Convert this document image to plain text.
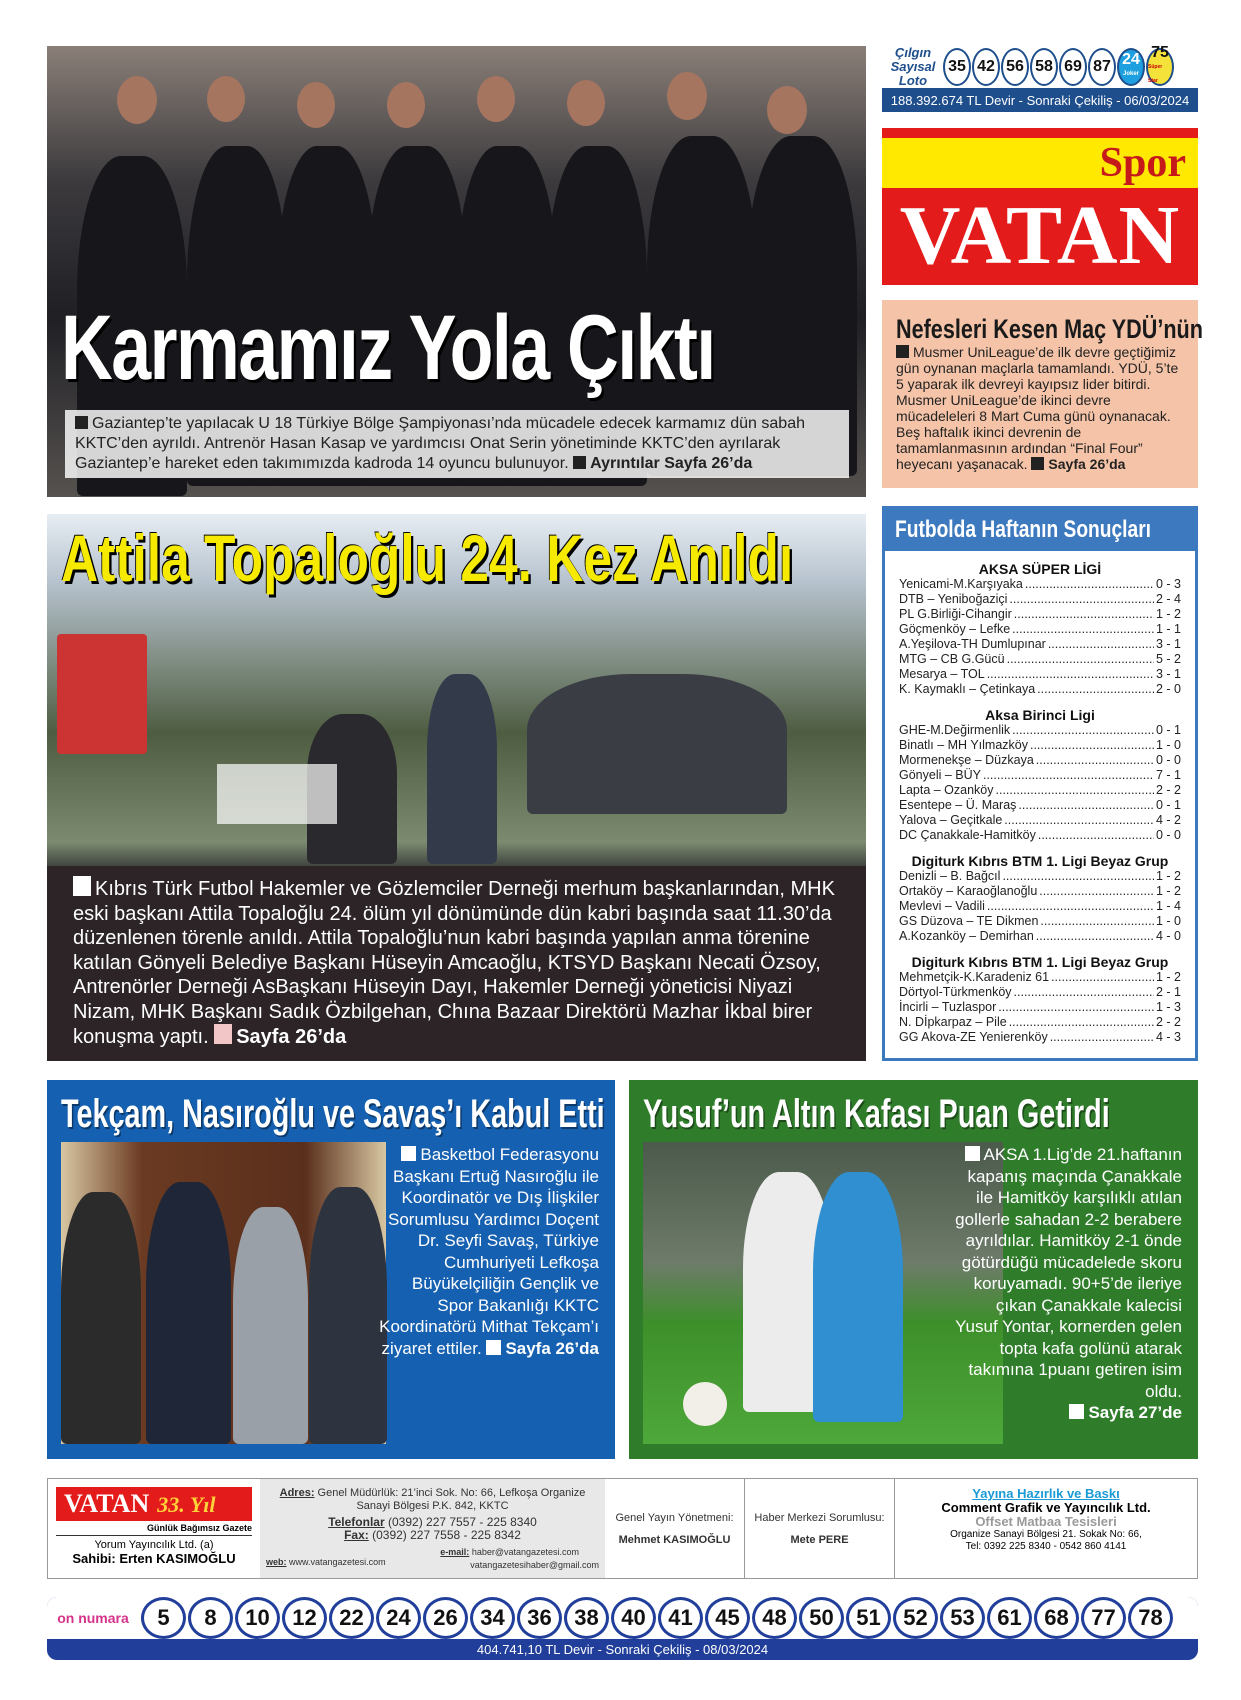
Karmamız Yola Çıktı
Gaziantep’te yapılacak U 18 Türkiye Bölge Şampiyonası’nda mücadele edecek karmamız dün sabah KKTC’den ayrıldı. Antrenör Hasan Kasap ve yardımcısı Onat Serin yönetiminde KKTC’den ayrılarak Gaziantep’e hareket eden takımımızda kadroda 14 oyuncu bulunuyor. Ayrıntılar Sayfa 26’da
Çılgın Sayısal Loto
35 42 56 58 69 87 24
Joker
75
Süper Star
188.392.674 TL Devir - Sonraki Çekiliş - 06/03/2024
Spor
VATAN
Nefesleri Kesen Maç YDÜ’nün
Musmer UniLeague’de ilk devre geçtiğimiz gün oynanan maçlarla tamamlandı. YDÜ, 5’te 5 yaparak ilk devreyi kayıpsız lider bitirdi. Musmer UniLeague’de ikinci devre mücadeleleri 8 Mart Cuma günü oynanacak. Beş haftalık ikinci devrenin de tamamlanmasının ardından “Final Four” heyecanı yaşanacak. Sayfa 26’da
Futbolda Haftanın Sonuçları
AKSA SÜPER LİGİ
Yenicami-M.Karşıyaka .....	0 - 3
DTB – Yeniboğaziçi .....	2 - 4
PL G.Birliği-Cihangir .....	1 - 2
Göçmenköy – Lefke .....	1 - 1
A.Yeşilova-TH Dumlupınar .....	3 - 1
MTG – CB G.Gücü .....	5 - 2
Mesarya – TOL .....	3 - 1
K. Kaymaklı – Çetinkaya .....	2 - 0
Aksa Birinci Ligi
GHE-M.Değirmenlik .....	0 - 1
Binatlı – MH Yılmazköy .....	1 - 0
Mormenekşe – Düzkaya .....	0 - 0
Gönyeli – BÜY .....	7 - 1
Lapta – Ozanköy .....	2 - 2
Esentepe – Ü. Maraş .....	0 - 1
Yalova – Geçitkale .....	4 - 2
DC Çanakkale-Hamitköy .....	0 - 0
Digiturk Kıbrıs BTM 1. Ligi Beyaz Grup
Denizli – B. Bağcıl .....	1 - 2
Ortaköy – Karaoğlanoğlu .....	1 - 2
Mevlevi – Vadili .....	1 - 4
GS Düzova – TE Dikmen .....	1 - 0
A.Kozanköy – Demirhan .....	4 - 0
Digiturk Kıbrıs BTM 1. Ligi Beyaz Grup
Mehmetçik-K.Karadeniz 61 .....	1 - 2
Dörtyol-Türkmenköy .....	2 - 1
İncirli – Tuzlaspor .....	1 - 3
N. Dİpkarpaz – Pile .....	2 - 2
GG Akova-ZE Yenierenköy .....	4 - 3
Attila Topaloğlu 24. Kez Anıldı
Kıbrıs Türk Futbol Hakemler ve Gözlemciler Derneği merhum başkanlarından, MHK eski başkanı Attila Topaloğlu 24. ölüm yıl dönümünde dün kabri başında saat 11.30’da düzenlenen törenle anıldı. Attila Topaloğlu’nun kabri başında yapılan anma törenine katılan Gönyeli Belediye Başkanı Hüseyin Amcaoğlu, KTSYD Başkanı Necati Özsoy, Antrenörler Derneği AsBaşkanı Hüseyin Dayı, Hakemler Derneği yöneticisi Niyazi Nizam, MHK Başkanı Sadık Özbilgehan, Chına Bazaar Direktörü Mazhar İkbal birer konuşma yaptı. Sayfa 26’da
Tekçam, Nasıroğlu ve Savaş’ı Kabul Etti
Basketbol Federasyonu Başkanı Ertuğ Nasıroğlu ile Koordinatör ve Dış İlişkiler Sorumlusu Yardımcı Doçent Dr. Seyfi Savaş, Türkiye Cumhuriyeti Lefkoşa Büyükelçiliğin Gençlik ve Spor Bakanlığı KKTC Koordinatörü Mithat Tekçam’ı ziyaret ettiler. Sayfa 26’da
Yusuf’un Altın Kafası Puan Getirdi
AKSA 1.Lig’de 21.haftanın kapanış maçında Çanakkale ile Hamitköy karşılıklı atılan gollerle sahadan 2-2 berabere ayrıldılar. Hamitköy 2-1 önde götürdüğü mücadelede skoru koruyamadı. 90+5’de ileriye çıkan Çanakkale kalecisi Yusuf Yontar, kornerden gelen topta kafa golünü atarak takımına 1puanı getiren isim oldu.
Sayfa 27’de
VATAN 33. Yıl
Günlük Bağımsız Gazete
Yorum Yayıncılık Ltd. (a)
Sahibi: Erten KASIMOĞLU
Adres: Genel Müdürlük: 21’inci Sok. No: 66, Lefkoşa Organize Sanayi Bölgesi P.K. 842, KKTC
Telefonlar (0392) 227 7557 - 225 8340
Fax: (0392) 227 7558 - 225 8342
web: www.vatangazetesi.com
e-mail: haber@vatangazetesi.com
vatangazetesihaber@gmail.com
Genel Yayın Yönetmeni:
Mehmet KASIMOĞLU
Haber Merkezi Sorumlusu:
Mete PERE
Yayına Hazırlık ve Baskı
Comment Grafik ve Yayıncılık Ltd.
Offset Matbaa Tesisleri
Organize Sanayi Bölgesi 21. Sokak No: 66,
Tel: 0392 225 8340 - 0542 860 4141
on numara	5	8	10	12	22	24	26	34	36	38	40	41	45	48	50	51	52	53	61	68	77	78
404.741,10 TL Devir - Sonraki Çekiliş - 08/03/2024
